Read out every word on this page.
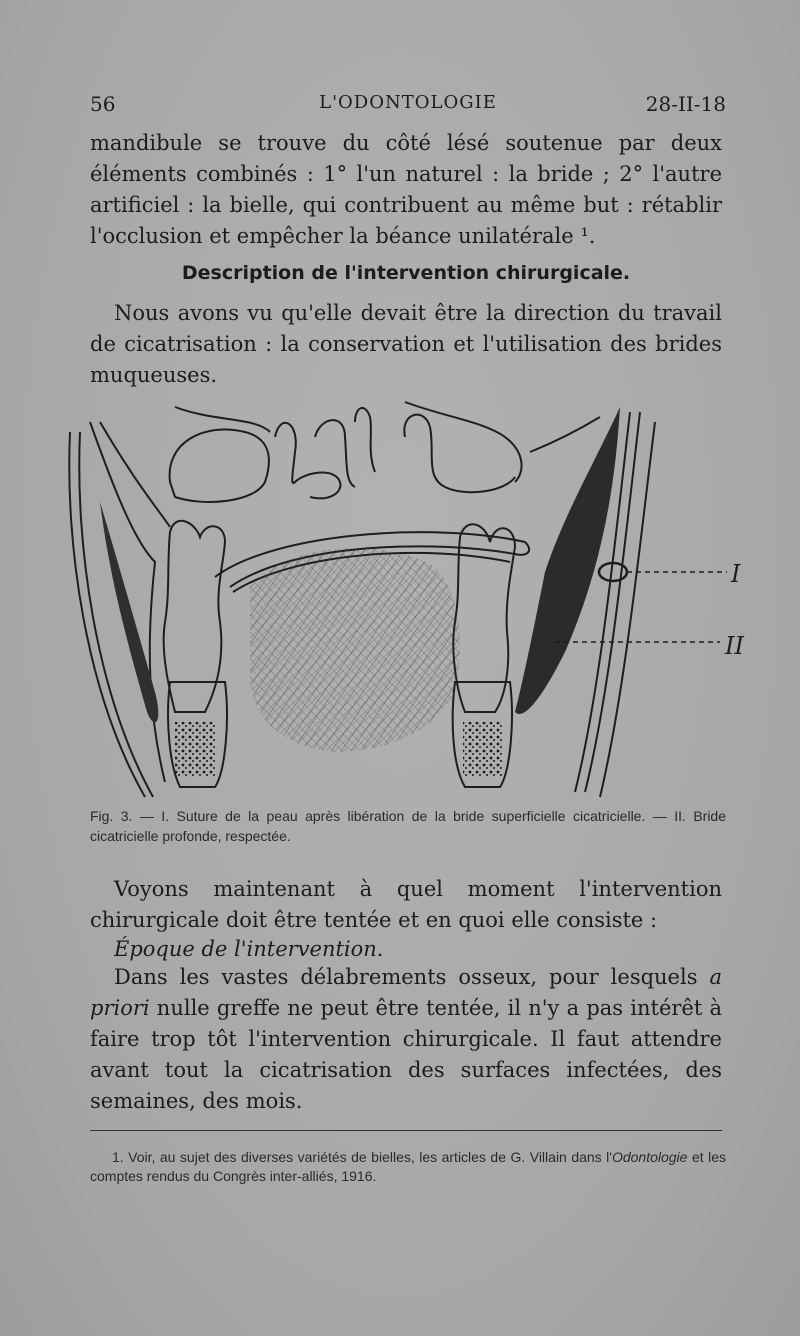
56	L'ODONTOLOGIE	28-II-18

mandibule se trouve du côté lésé soutenue par deux éléments combinés : 1° l'un naturel : la bride ; 2° l'autre artificiel : la bielle, qui contribuent au même but : rétablir l'occlusion et empêcher la béance unilatérale ¹.

Description de l'intervention chirurgicale.

Nous avons vu qu'elle devait être la direction du travail de cicatrisation : la conservation et l'utilisation des brides muqueuses.

I
II
Fig. 3. — I. Suture de la peau après libération de la bride superficielle cicatricielle. — II. Bride cicatricielle profonde, respectée.

Voyons maintenant à quel moment l'intervention chirurgicale doit être tentée et en quoi elle consiste :

Époque de l'intervention.

Dans les vastes délabrements osseux, pour lesquels a priori nulle greffe ne peut être tentée, il n'y a pas intérêt à faire trop tôt l'intervention chirurgicale. Il faut attendre avant tout la cicatrisation des surfaces infectées, des semaines, des mois.

1. Voir, au sujet des diverses variétés de bielles, les articles de G. Villain dans l'Odontologie et les comptes rendus du Congrès inter-alliés, 1916.
